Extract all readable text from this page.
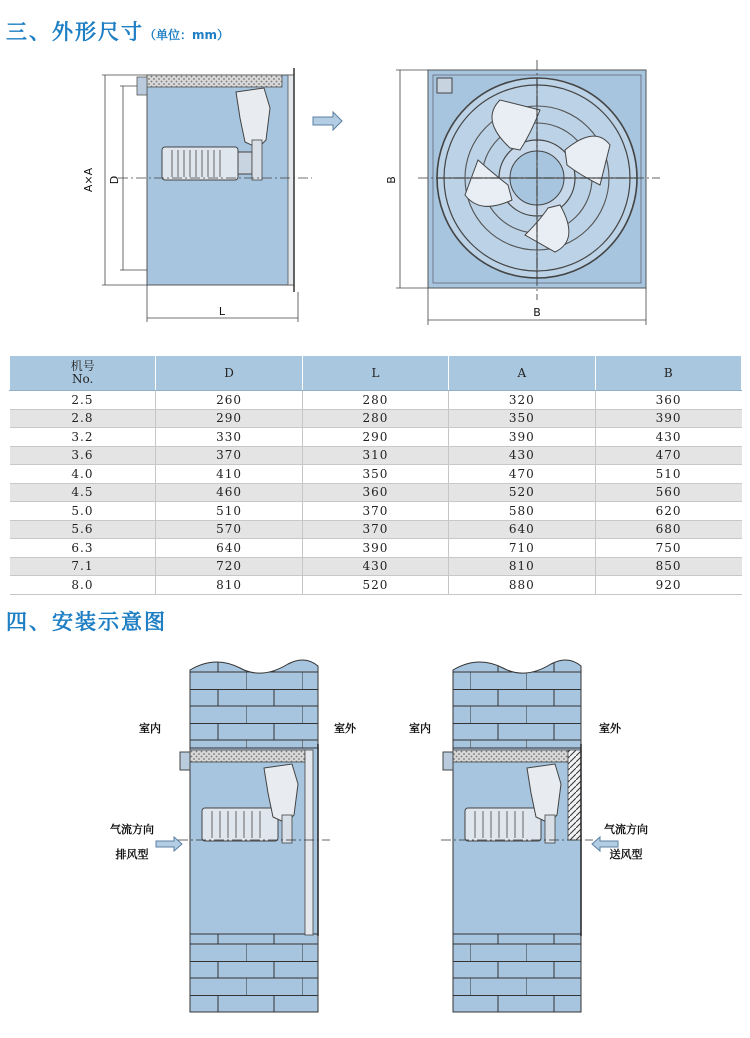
三、外形尺寸（单位：mm）
A×A D
L
B
B
机号
No.	D	L	A	B
2.5	260	280	320	360
2.8	290	280	350	390
3.2	330	290	390	430
3.6	370	310	430	470
4.0	410	350	470	510
4.5	460	360	520	560
5.0	510	370	580	620
5.6	570	370	640	680
6.3	640	390	710	750
7.1	720	430	810	850
8.0	810	520	880	920
四、安装示意图
室内	室外
气流方向
排风型
室内	室外
气流方向
送风型
